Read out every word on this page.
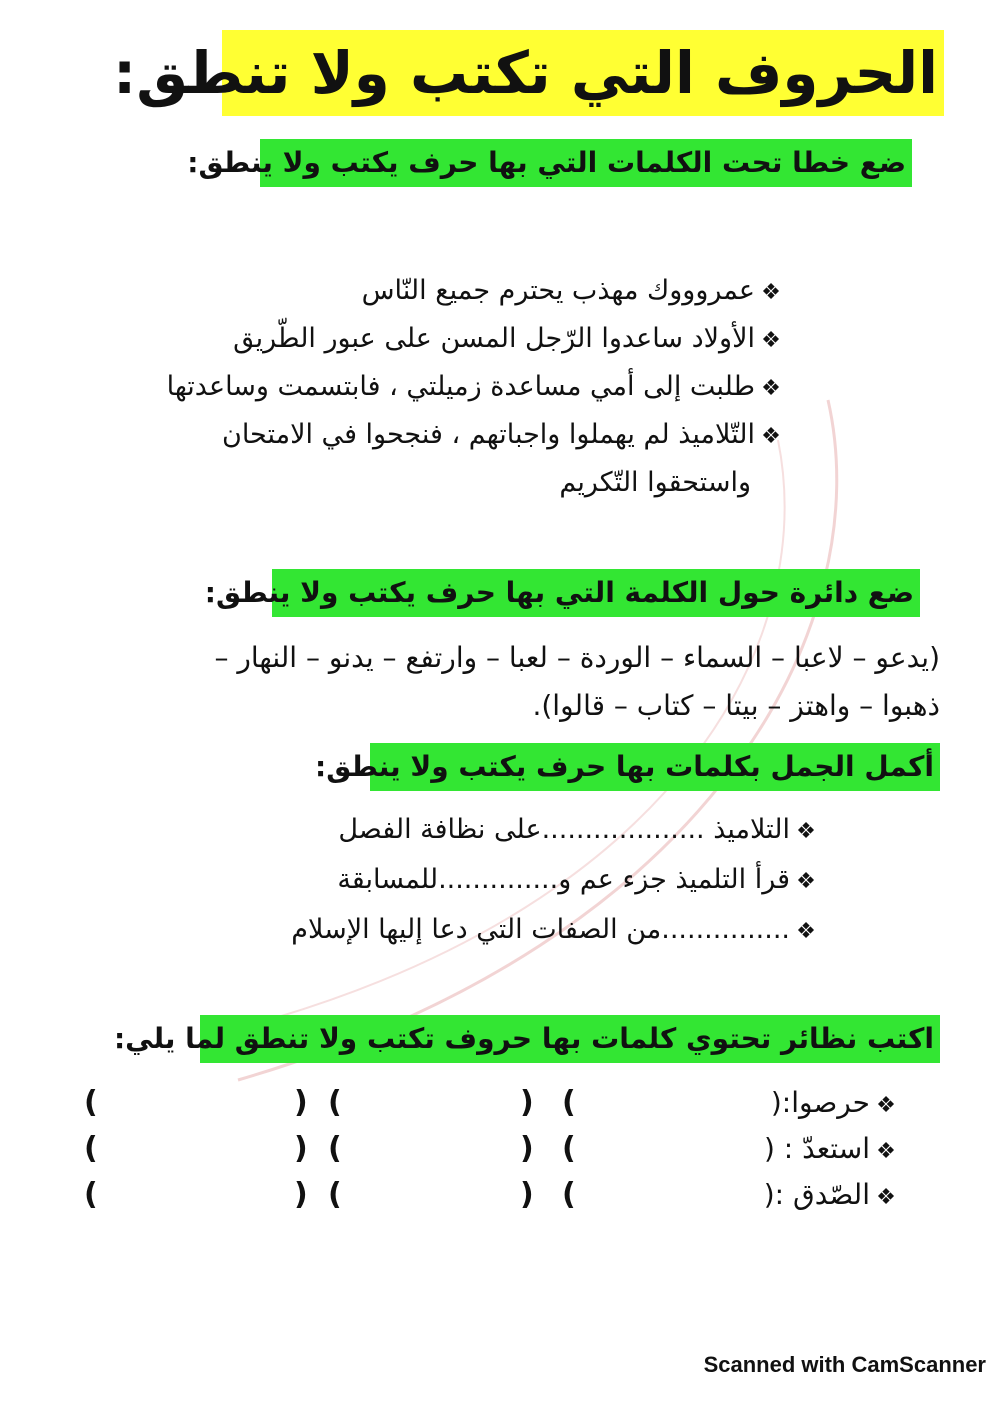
الحروف التي تكتب ولا تنطق:
ضع خطا تحت الكلمات التي بها حرف يكتب ولا ينطق:
❖عمروووك مهذب يحترم جميع النّاس
❖الأولاد ساعدوا الرّجل المسن على عبور الطّريق
❖طلبت إلى أمي مساعدة زميلتي ، فابتسمت وساعدتها
❖التّلاميذ لم يهملوا واجباتهم ، فنجحوا في الامتحان
واستحقوا التّكريم
ضع دائرة حول الكلمة التي بها حرف يكتب ولا ينطق:
(يدعو – لاعبا – السماء – الوردة – لعبا – وارتفع – يدنو – النهار –
ذهبوا – واهتز – بيتا – كتاب – قالوا).
أكمل الجمل بكلمات بها حرف يكتب ولا ينطق:
❖التلاميذ ...................على نظافة الفصل
❖قرأ التلميذ جزء عم و..............للمسابقة
❖...............من الصفات التي دعا إليها الإسلام
اكتب نظائر تحتوي كلمات بها حروف تكتب ولا تنطق لما يلي:
❖حرصوا:(
) (
) (
(
❖استعدّ : (
) (
) (
(
❖الصّدق :(
) (
) (
(
Scanned with CamScanner
